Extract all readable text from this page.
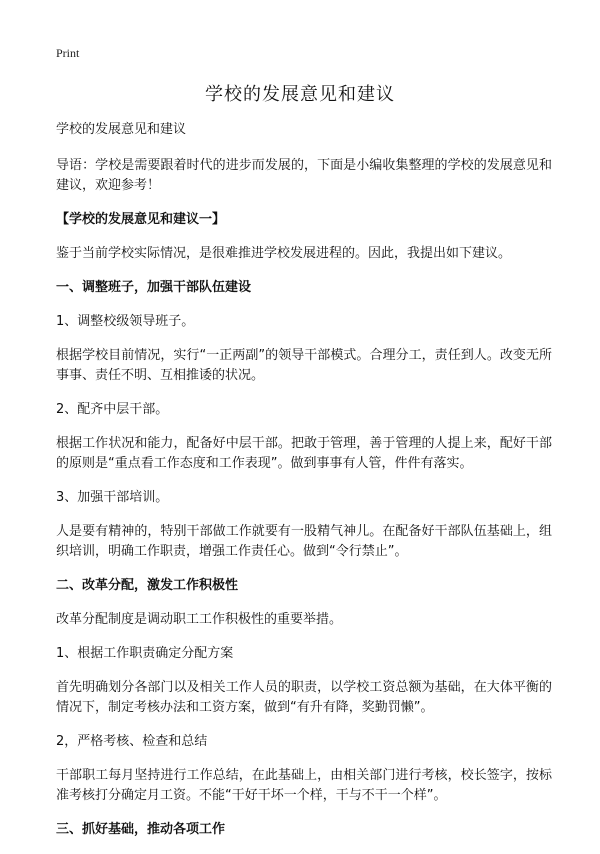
Print
学校的发展意见和建议

学校的发展意见和建议

导语：学校是需要跟着时代的进步而发展的，下面是小编收集整理的学校的发展意见和建议，欢迎参考！

【学校的发展意见和建议一】

鉴于当前学校实际情况，是很难推进学校发展进程的。因此，我提出如下建议。

一、调整班子，加强干部队伍建设

1、调整校级领导班子。

根据学校目前情况，实行“一正两副”的领导干部模式。合理分工，责任到人。改变无所事事、责任不明、互相推诿的状况。

2、配齐中层干部。

根据工作状况和能力，配备好中层干部。把敢于管理，善于管理的人提上来，配好干部的原则是“重点看工作态度和工作表现”。做到事事有人管，件件有落实。

3、加强干部培训。

人是要有精神的，特别干部做工作就要有一股精气神儿。在配备好干部队伍基础上，组织培训，明确工作职责，增强工作责任心。做到“令行禁止”。

二、改革分配，激发工作积极性

改革分配制度是调动职工工作积极性的重要举措。

1、根据工作职责确定分配方案

首先明确划分各部门以及相关工作人员的职责，以学校工资总额为基础，在大体平衡的情况下，制定考核办法和工资方案，做到“有升有降，奖勤罚懒”。

2，严格考核、检查和总结

干部职工每月坚持进行工作总结，在此基础上，由相关部门进行考核，校长签字，按标准考核打分确定月工资。不能“干好干坏一个样，干与不干一个样”。

三、抓好基础，推动各项工作
